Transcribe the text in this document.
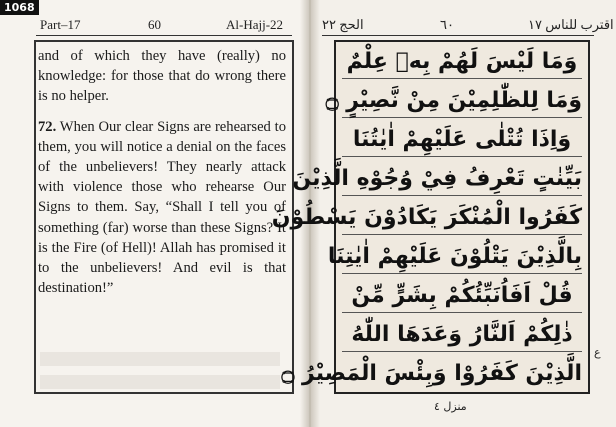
1068
Part–17	60	Al-Hajj-22

and of which they have (really) no knowledge: for those that do wrong there is no helper.

72. When Our clear Signs are rehearsed to them, you will notice a denial on the faces of the unbelievers! They nearly attack with violence those who rehearse Our Signs to them. Say, “Shall I tell you of something (far) worse than these Signs? It is the Fire (of Hell)! Allah has promised it to the unbelievers! And evil is that destination!”

الحج ٢٢	٦٠	اقترب للناس ١٧
وَمَا لَيْسَ لَهُمْ بِهٖ عِلْمٌ
وَمَا لِلظّٰلِمِيْنَ مِنْ نَّصِيْرٍ ۝
وَاِذَا تُتْلٰى عَلَيْهِمْ اٰيٰتُنَا
بَيِّنٰتٍ تَعْرِفُ فِيْ وُجُوْهِ الَّذِيْنَ
كَفَرُوا الْمُنْكَرَ يَكَادُوْنَ يَسْطُوْنَ
بِالَّذِيْنَ يَتْلُوْنَ عَلَيْهِمْ اٰيٰتِنَا
قُلْ اَفَاُنَبِّئُكُمْ بِشَرٍّ مِّنْ
ذٰلِكُمْ اَلنَّارُ وَعَدَهَا اللّٰهُ
الَّذِيْنَ كَفَرُوْا وَبِئْسَ الْمَصِيْرُ ۝
ع
منزل ٤
